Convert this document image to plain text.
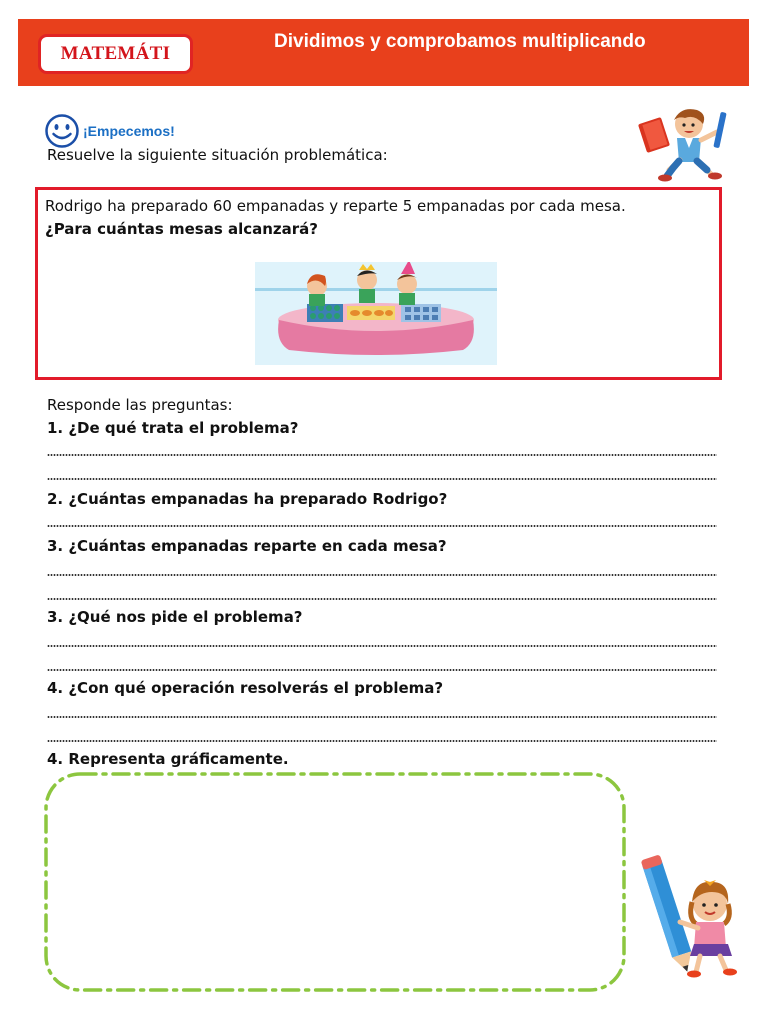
MATEMÁTI
Dividimos y comprobamos multiplicando
¡Empecemos!
Resuelve la siguiente situación problemática:
Rodrigo ha preparado 60 empanadas y reparte 5 empanadas por cada mesa.
¿Para cuántas mesas alcanzará?
Responde las preguntas:
1. ¿De qué trata el problema?
2. ¿Cuántas empanadas ha preparado Rodrigo?
3. ¿Cuántas empanadas reparte en cada mesa?
3. ¿Qué nos pide el problema?
4. ¿Con qué operación resolverás el problema?
4. Representa gráficamente.
